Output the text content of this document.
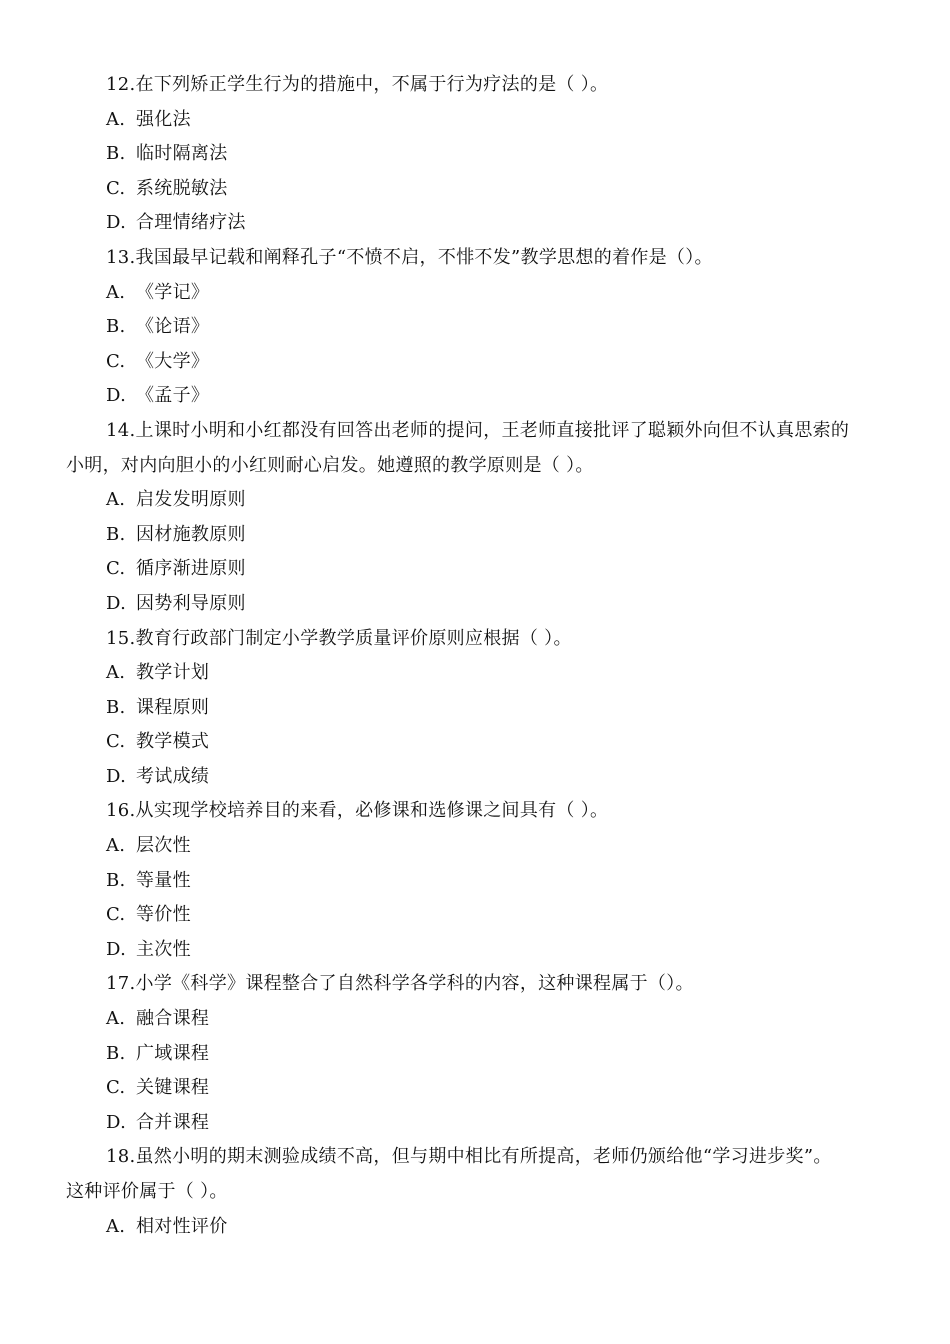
12.在下列矫正学生行为的措施中，不属于行为疗法的是（ ）。
A. 强化法
B. 临时隔离法
C. 系统脱敏法
D. 合理情绪疗法
13.我国最早记载和阐释孔子“不愤不启，不悱不发”教学思想的着作是（）。
A. 《学记》
B. 《论语》
C. 《大学》
D. 《孟子》
14.上课时小明和小红都没有回答出老师的提问，王老师直接批评了聪颖外向但不认真思索的
小明，对内向胆小的小红则耐心启发。她遵照的教学原则是（ ）。
A. 启发发明原则
B. 因材施教原则
C. 循序渐进原则
D. 因势利导原则
15.教育行政部门制定小学教学质量评价原则应根据（ ）。
A. 教学计划
B. 课程原则
C. 教学模式
D. 考试成绩
16.从实现学校培养目的来看，必修课和选修课之间具有（ ）。
A. 层次性
B. 等量性
C. 等价性
D. 主次性
17.小学《科学》课程整合了自然科学各学科的内容，这种课程属于（）。
A. 融合课程
B. 广域课程
C. 关键课程
D. 合并课程
18.虽然小明的期末测验成绩不高，但与期中相比有所提高，老师仍颁给他“学习进步奖”。
这种评价属于（ ）。
A. 相对性评价
